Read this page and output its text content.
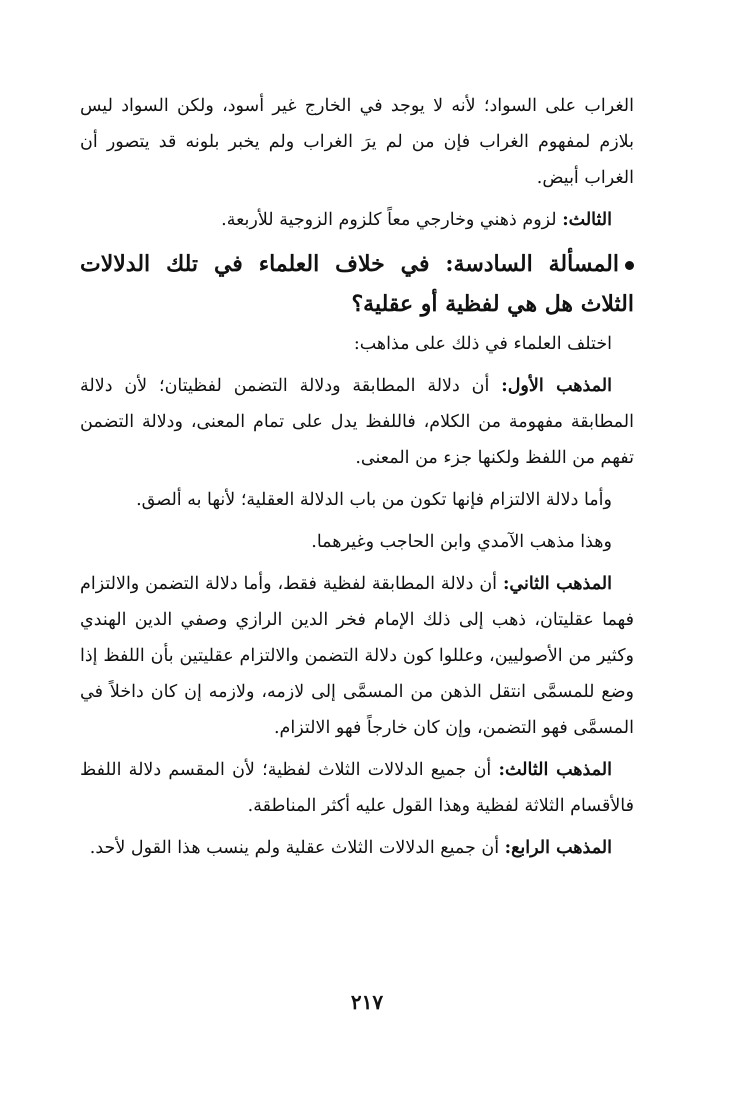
الغراب على السواد؛ لأنه لا يوجد في الخارج غير أسود، ولكن السواد ليس بلازم لمفهوم الغراب فإن من لم يرَ الغراب ولم يخبر بلونه قد يتصور أن الغراب أبيض.

الثالث: لزوم ذهني وخارجي معاً كلزوم الزوجية للأربعة.

المسألة السادسة: في خلاف العلماء في تلك الدلالات الثلاث هل هي لفظية أو عقلية؟

اختلف العلماء في ذلك على مذاهب:

المذهب الأول: أن دلالة المطابقة ودلالة التضمن لفظيتان؛ لأن دلالة المطابقة مفهومة من الكلام، فاللفظ يدل على تمام المعنى، ودلالة التضمن تفهم من اللفظ ولكنها جزء من المعنى.

وأما دلالة الالتزام فإنها تكون من باب الدلالة العقلية؛ لأنها به ألصق.

وهذا مذهب الآمدي وابن الحاجب وغيرهما.

المذهب الثاني: أن دلالة المطابقة لفظية فقط، وأما دلالة التضمن والالتزام فهما عقليتان، ذهب إلى ذلك الإمام فخر الدين الرازي وصفي الدين الهندي وكثير من الأصوليين، وعللوا كون دلالة التضمن والالتزام عقليتين بأن اللفظ إذا وضع للمسمَّى انتقل الذهن من المسمَّى إلى لازمه، ولازمه إن كان داخلاً في المسمَّى فهو التضمن، وإن كان خارجاً فهو الالتزام.

المذهب الثالث: أن جميع الدلالات الثلاث لفظية؛ لأن المقسم دلالة اللفظ فالأقسام الثلاثة لفظية وهذا القول عليه أكثر المناطقة.

المذهب الرابع: أن جميع الدلالات الثلاث عقلية ولم ينسب هذا القول لأحد.

٢١٧
